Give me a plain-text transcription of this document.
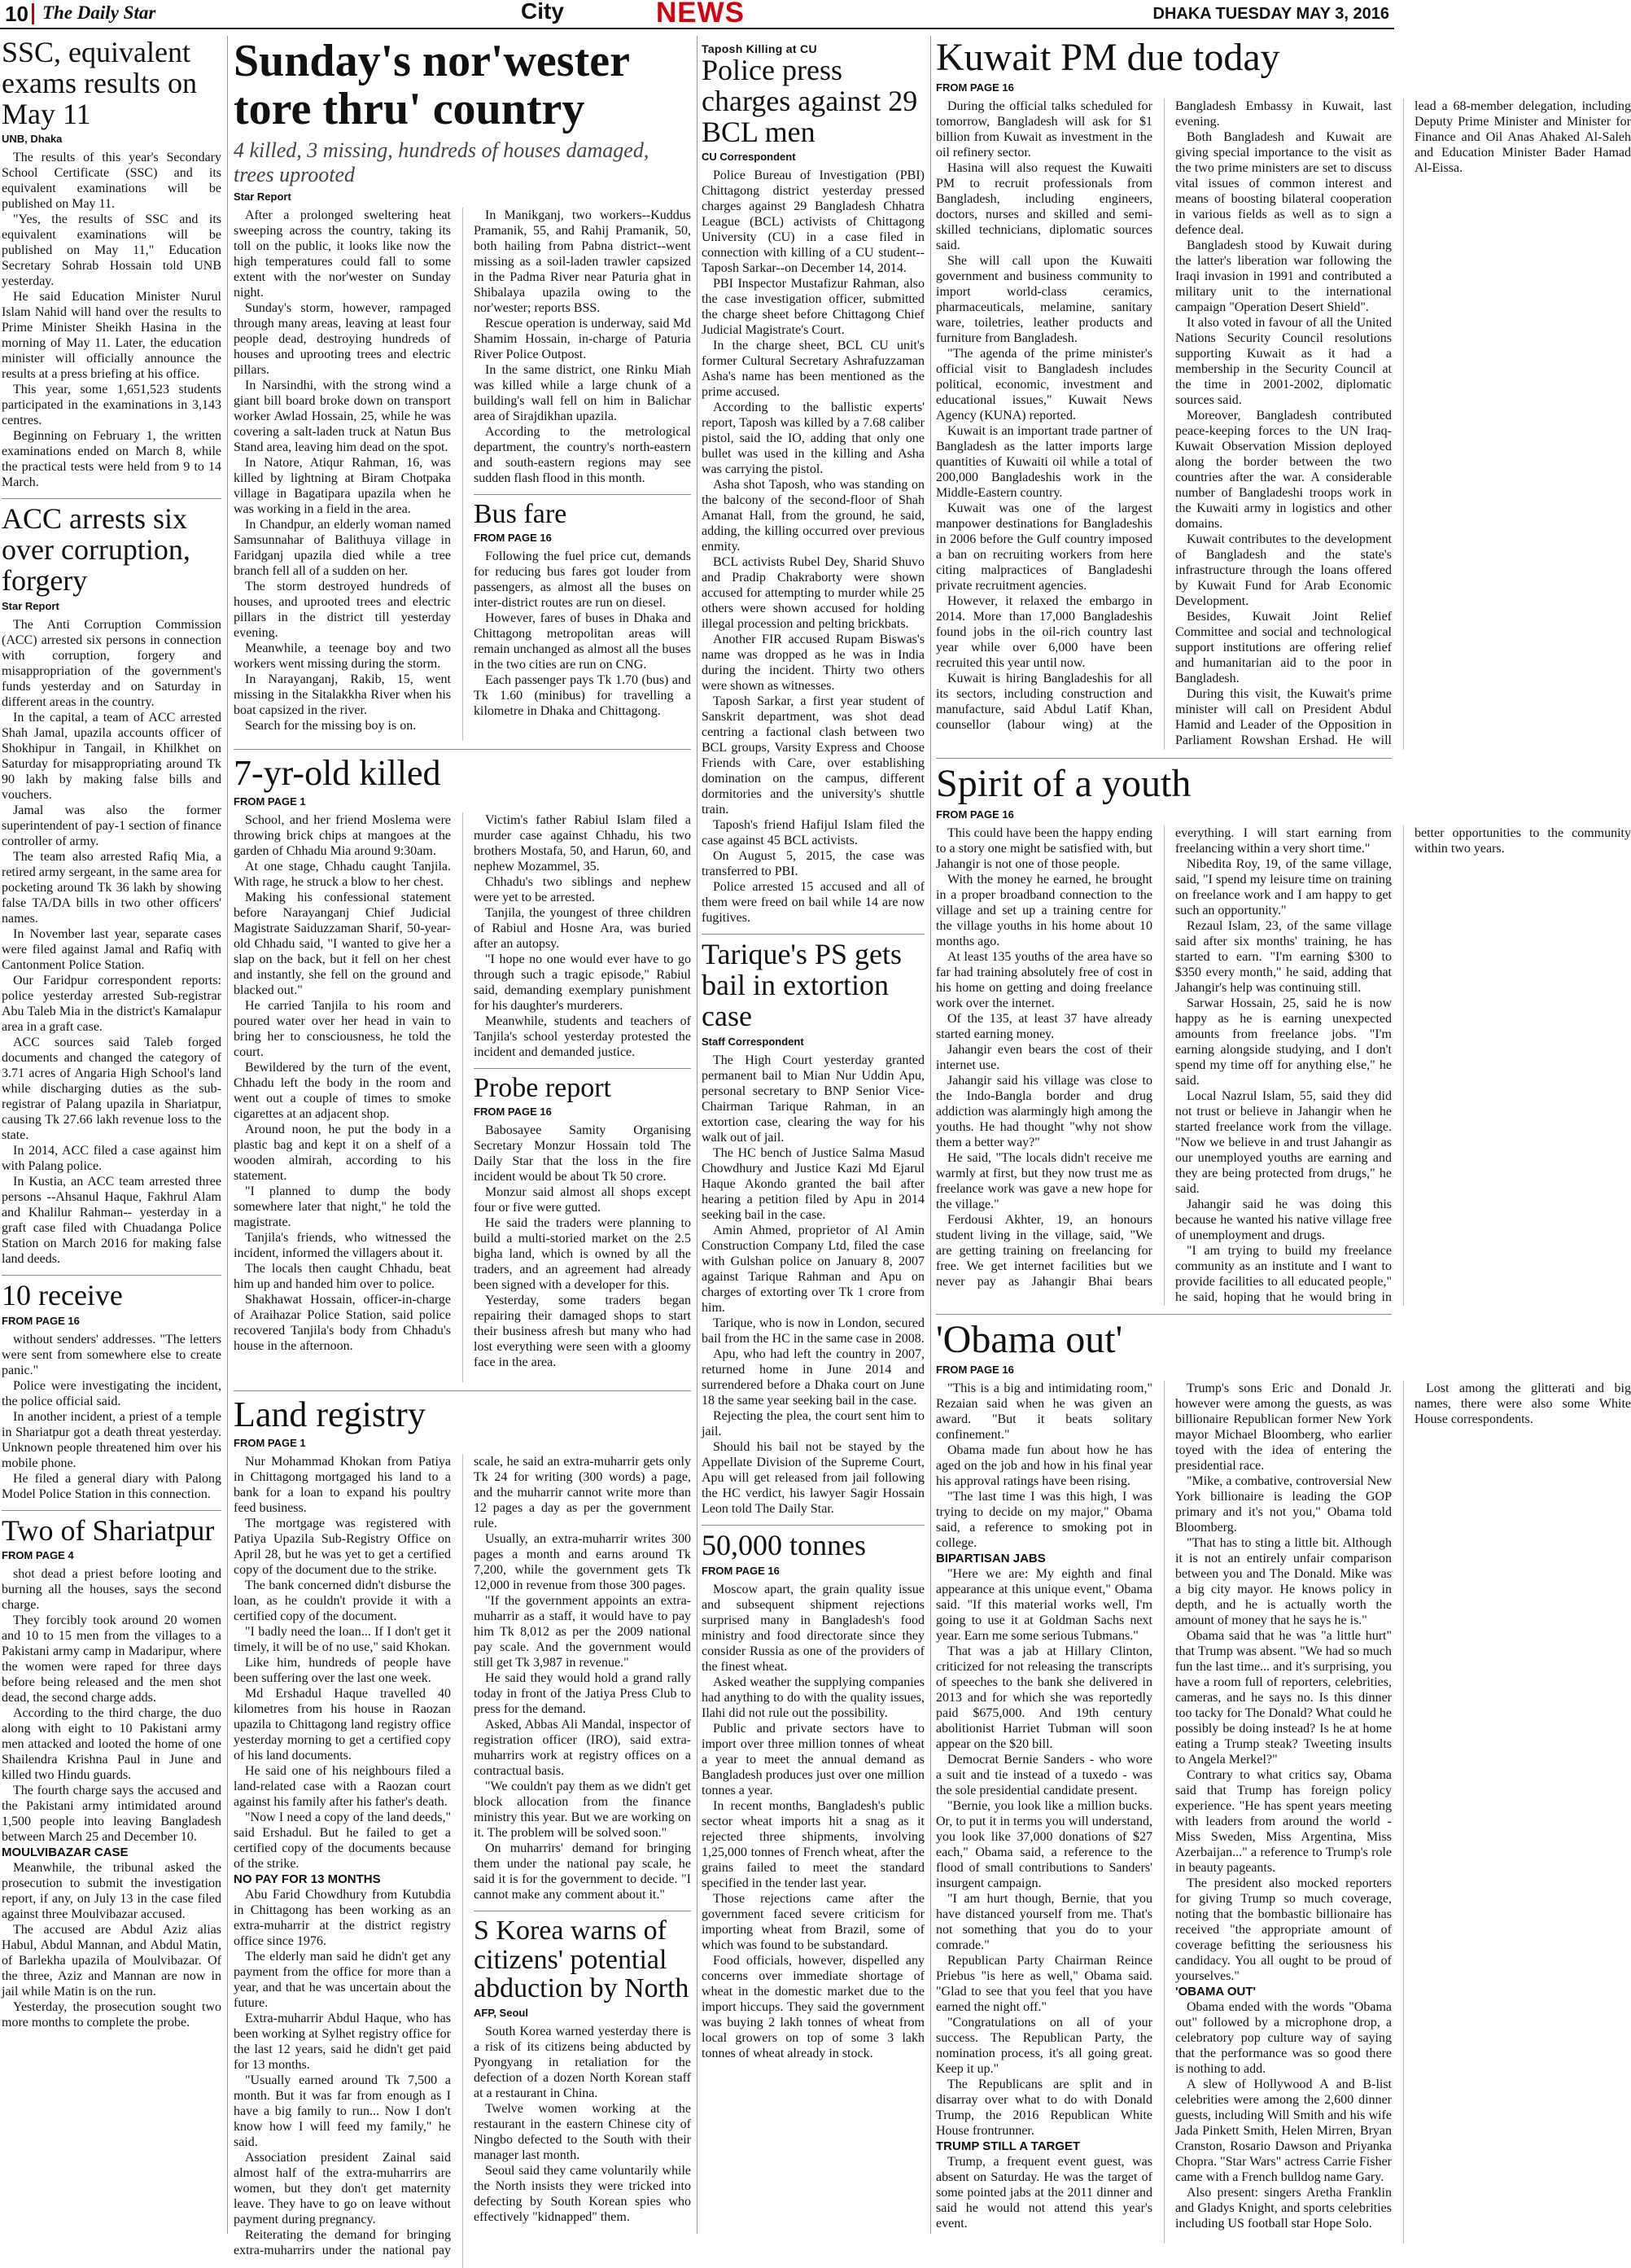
10 The Daily Star	City	NEWS	DHAKA TUESDAY MAY 3, 2016
SSC, equivalent exams results on May 11
UNB, Dhaka

The results of this year's Secondary School Certificate (SSC) and its equivalent examinations will be published on May 11.

"Yes, the results of SSC and its equivalent examinations will be published on May 11," Education Secretary Sohrab Hossain told UNB yesterday.

He said Education Minister Nurul Islam Nahid will hand over the results to Prime Minister Sheikh Hasina in the morning of May 11. Later, the education minister will officially announce the results at a press briefing at his office.

This year, some 1,651,523 students participated in the examinations in 3,143 centres.

Beginning on February 1, the written examinations ended on March 8, while the practical tests were held from 9 to 14 March.

ACC arrests six over corruption, forgery
Star Report

The Anti Corruption Commission (ACC) arrested six persons in connection with corruption, forgery and misappropriation of the government's funds yesterday and on Saturday in different areas in the country.

In the capital, a team of ACC arrested Shah Jamal, upazila accounts officer of Shokhipur in Tangail, in Khilkhet on Saturday for misappropriating around Tk 90 lakh by making false bills and vouchers.

Jamal was also the former superintendent of pay-1 section of finance controller of army.

The team also arrested Rafiq Mia, a retired army sergeant, in the same area for pocketing around Tk 36 lakh by showing false TA/DA bills in two other officers' names.

In November last year, separate cases were filed against Jamal and Rafiq with Cantonment Police Station.

Our Faridpur correspondent reports: police yesterday arrested Sub-registrar Abu Taleb Mia in the district's Kamalapur area in a graft case.

ACC sources said Taleb forged documents and changed the category of 3.71 acres of Angaria High School's land while discharging duties as the sub-registrar of Palang upazila in Shariatpur, causing Tk 27.66 lakh revenue loss to the state.

In 2014, ACC filed a case against him with Palang police.

In Kustia, an ACC team arrested three persons --Ahsanul Haque, Fakhrul Alam and Khalilur Rahman-- yesterday in a graft case filed with Chuadanga Police Station on March 2016 for making false land deeds.

10 receive
FROM PAGE 16

without senders' addresses. "The letters were sent from somewhere else to create panic."

Police were investigating the incident, the police official said.

In another incident, a priest of a temple in Shariatpur got a death threat yesterday. Unknown people threatened him over his mobile phone.

He filed a general diary with Palong Model Police Station in this connection.

Two of Shariatpur
FROM PAGE 4

shot dead a priest before looting and burning all the houses, says the second charge.

They forcibly took around 20 women and 10 to 15 men from the villages to a Pakistani army camp in Madaripur, where the women were raped for three days before being released and the men shot dead, the second charge adds.

According to the third charge, the duo along with eight to 10 Pakistani army men attacked and looted the home of one Shailendra Krishna Paul in June and killed two Hindu guards.

The fourth charge says the accused and the Pakistani army intimidated around 1,500 people into leaving Bangladesh between March 25 and December 10.

MOULVIBAZAR CASE

Meanwhile, the tribunal asked the prosecution to submit the investigation report, if any, on July 13 in the case filed against three Moulvibazar accused.

The accused are Abdul Aziz alias Habul, Abdul Mannan, and Abdul Matin, of Barlekha upazila of Moulvibazar. Of the three, Aziz and Mannan are now in jail while Matin is on the run.

Yesterday, the prosecution sought two more months to complete the probe.

Sunday's nor'wester tore thru' country
4 killed, 3 missing, hundreds of houses damaged, trees uprooted
Star Report

After a prolonged sweltering heat sweeping across the country, taking its toll on the public, it looks like now the high temperatures could fall to some extent with the nor'wester on Sunday night.

Sunday's storm, however, rampaged through many areas, leaving at least four people dead, destroying hundreds of houses and uprooting trees and electric pillars.

In Narsindhi, with the strong wind a giant bill board broke down on transport worker Awlad Hossain, 25, while he was covering a salt-laden truck at Natun Bus Stand area, leaving him dead on the spot.

In Natore, Atiqur Rahman, 16, was killed by lightning at Biram Chotpaka village in Bagatipara upazila when he was working in a field in the area.

In Chandpur, an elderly woman named Samsunnahar of Balithuya village in Faridganj upazila died while a tree branch fell all of a sudden on her.

The storm destroyed hundreds of houses, and uprooted trees and electric pillars in the district till yesterday evening.

Meanwhile, a teenage boy and two workers went missing during the storm.

In Narayanganj, Rakib, 15, went missing in the Sitalakkha River when his boat capsized in the river.

Search for the missing boy is on.

In Manikganj, two workers--Kuddus Pramanik, 55, and Rahij Pramanik, 50, both hailing from Pabna district--went missing as a soil-laden trawler capsized in the Padma River near Paturia ghat in Shibalaya upazila owing to the nor'wester; reports BSS.

Rescue operation is underway, said Md Shamim Hossain, in-charge of Paturia River Police Outpost.

In the same district, one Rinku Miah was killed while a large chunk of a building's wall fell on him in Balichar area of Sirajdikhan upazila.

According to the metrological department, the country's north-eastern and south-eastern regions may see sudden flash flood in this month.

Bus fare
FROM PAGE 16

Following the fuel price cut, demands for reducing bus fares got louder from passengers, as almost all the buses on inter-district routes are run on diesel.

However, fares of buses in Dhaka and Chittagong metropolitan areas will remain unchanged as almost all the buses in the two cities are run on CNG.

Each passenger pays Tk 1.70 (bus) and Tk 1.60 (minibus) for travelling a kilometre in Dhaka and Chittagong.

7-yr-old killed
FROM PAGE 1

School, and her friend Moslema were throwing brick chips at mangoes at the garden of Chhadu Mia around 9:30am.

At one stage, Chhadu caught Tanjila. With rage, he struck a blow to her chest.

Making his confessional statement before Narayanganj Chief Judicial Magistrate Saiduzzaman Sharif, 50-year-old Chhadu said, "I wanted to give her a slap on the back, but it fell on her chest and instantly, she fell on the ground and blacked out."

He carried Tanjila to his room and poured water over her head in vain to bring her to consciousness, he told the court.

Bewildered by the turn of the event, Chhadu left the body in the room and went out a couple of times to smoke cigarettes at an adjacent shop.

Around noon, he put the body in a plastic bag and kept it on a shelf of a wooden almirah, according to his statement.

"I planned to dump the body somewhere later that night," he told the magistrate.

Tanjila's friends, who witnessed the incident, informed the villagers about it.

The locals then caught Chhadu, beat him up and handed him over to police.

Shakhawat Hossain, officer-in-charge of Araihazar Police Station, said police recovered Tanjila's body from Chhadu's house in the afternoon.

Victim's father Rabiul Islam filed a murder case against Chhadu, his two brothers Mostafa, 50, and Harun, 60, and nephew Mozammel, 35.

Chhadu's two siblings and nephew were yet to be arrested.

Tanjila, the youngest of three children of Rabiul and Hosne Ara, was buried after an autopsy.

"I hope no one would ever have to go through such a tragic episode," Rabiul said, demanding exemplary punishment for his daughter's murderers.

Meanwhile, students and teachers of Tanjila's school yesterday protested the incident and demanded justice.

Probe report
FROM PAGE 16

Babosayee Samity Organising Secretary Monzur Hossain told The Daily Star that the loss in the fire incident would be about Tk 50 crore.

Monzur said almost all shops except four or five were gutted.

He said the traders were planning to build a multi-storied market on the 2.5 bigha land, which is owned by all the traders, and an agreement had already been signed with a developer for this.

Yesterday, some traders began repairing their damaged shops to start their business afresh but many who had lost everything were seen with a gloomy face in the area.

Land registry
FROM PAGE 1

Nur Mohammad Khokan from Patiya in Chittagong mortgaged his land to a bank for a loan to expand his poultry feed business.

The mortgage was registered with Patiya Upazila Sub-Registry Office on April 28, but he was yet to get a certified copy of the document due to the strike.

The bank concerned didn't disburse the loan, as he couldn't provide it with a certified copy of the document.

"I badly need the loan... If I don't get it timely, it will be of no use," said Khokan.

Like him, hundreds of people have been suffering over the last one week.

Md Ershadul Haque travelled 40 kilometres from his house in Raozan upazila to Chittagong land registry office yesterday morning to get a certified copy of his land documents.

He said one of his neighbours filed a land-related case with a Raozan court against his family after his father's death.

"Now I need a copy of the land deeds," said Ershadul. But he failed to get a certified copy of the documents because of the strike.

NO PAY FOR 13 MONTHS

Abu Farid Chowdhury from Kutubdia in Chittagong has been working as an extra-muharrir at the district registry office since 1976.

The elderly man said he didn't get any payment from the office for more than a year, and that he was uncertain about the future.

Extra-muharrir Abdul Haque, who has been working at Sylhet registry office for the last 12 years, said he didn't get paid for 13 months.

"Usually earned around Tk 7,500 a month. But it was far from enough as I have a big family to run... Now I don't know how I will feed my family," he said.

Association president Zainal said almost half of the extra-muharrirs are women, but they don't get maternity leave. They have to go on leave without payment during pregnancy.

Reiterating the demand for bringing extra-muharrirs under the national pay scale, he said an extra-muharrir gets only Tk 24 for writing (300 words) a page, and the muharrir cannot write more than 12 pages a day as per the government rule.

Usually, an extra-muharrir writes 300 pages a month and earns around Tk 7,200, while the government gets Tk 12,000 in revenue from those 300 pages.

"If the government appoints an extra-muharrir as a staff, it would have to pay him Tk 8,012 as per the 2009 national pay scale. And the government would still get Tk 3,987 in revenue."

He said they would hold a grand rally today in front of the Jatiya Press Club to press for the demand.

Asked, Abbas Ali Mandal, inspector of registration officer (IRO), said extra-muharrirs work at registry offices on a contractual basis.

"We couldn't pay them as we didn't get block allocation from the finance ministry this year. But we are working on it. The problem will be solved soon."

On muharrirs' demand for bringing them under the national pay scale, he said it is for the government to decide. "I cannot make any comment about it."

S Korea warns of citizens' potential abduction by North
AFP, Seoul

South Korea warned yesterday there is a risk of its citizens being abducted by Pyongyang in retaliation for the defection of a dozen North Korean staff at a restaurant in China.

Twelve women working at the restaurant in the eastern Chinese city of Ningbo defected to the South with their manager last month.

Seoul said they came voluntarily while the North insists they were tricked into defecting by South Korean spies who effectively "kidnapped" them.

Taposh Killing at CU
Police press charges against 29 BCL men
CU Correspondent

Police Bureau of Investigation (PBI) Chittagong district yesterday pressed charges against 29 Bangladesh Chhatra League (BCL) activists of Chittagong University (CU) in a case filed in connection with killing of a CU student--Taposh Sarkar--on December 14, 2014.

PBI Inspector Mustafizur Rahman, also the case investigation officer, submitted the charge sheet before Chittagong Chief Judicial Magistrate's Court.

In the charge sheet, BCL CU unit's former Cultural Secretary Ashrafuzzaman Asha's name has been mentioned as the prime accused.

According to the ballistic experts' report, Taposh was killed by a 7.68 caliber pistol, said the IO, adding that only one bullet was used in the killing and Asha was carrying the pistol.

Asha shot Taposh, who was standing on the balcony of the second-floor of Shah Amanat Hall, from the ground, he said, adding, the killing occurred over previous enmity.

BCL activists Rubel Dey, Sharid Shuvo and Pradip Chakraborty were shown accused for attempting to murder while 25 others were shown accused for holding illegal procession and pelting brickbats.

Another FIR accused Rupam Biswas's name was dropped as he was in India during the incident. Thirty two others were shown as witnesses.

Taposh Sarkar, a first year student of Sanskrit department, was shot dead centring a factional clash between two BCL groups, Varsity Express and Choose Friends with Care, over establishing domination on the campus, different dormitories and the university's shuttle train.

Taposh's friend Hafijul Islam filed the case against 45 BCL activists.

On August 5, 2015, the case was transferred to PBI.

Police arrested 15 accused and all of them were freed on bail while 14 are now fugitives.

Tarique's PS gets bail in extortion case
Staff Correspondent

The High Court yesterday granted permanent bail to Mian Nur Uddin Apu, personal secretary to BNP Senior Vice-Chairman Tarique Rahman, in an extortion case, clearing the way for his walk out of jail.

The HC bench of Justice Salma Masud Chowdhury and Justice Kazi Md Ejarul Haque Akondo granted the bail after hearing a petition filed by Apu in 2014 seeking bail in the case.

Amin Ahmed, proprietor of Al Amin Construction Company Ltd, filed the case with Gulshan police on January 8, 2007 against Tarique Rahman and Apu on charges of extorting over Tk 1 crore from him.

Tarique, who is now in London, secured bail from the HC in the same case in 2008.

Apu, who had left the country in 2007, returned home in June 2014 and surrendered before a Dhaka court on June 18 the same year seeking bail in the case.

Rejecting the plea, the court sent him to jail.

Should his bail not be stayed by the Appellate Division of the Supreme Court, Apu will get released from jail following the HC verdict, his lawyer Sagir Hossain Leon told The Daily Star.

50,000 tonnes
FROM PAGE 16

Moscow apart, the grain quality issue and subsequent shipment rejections surprised many in Bangladesh's food ministry and food directorate since they consider Russia as one of the providers of the finest wheat.

Asked weather the supplying companies had anything to do with the quality issues, Ilahi did not rule out the possibility.

Public and private sectors have to import over three million tonnes of wheat a year to meet the annual demand as Bangladesh produces just over one million tonnes a year.

In recent months, Bangladesh's public sector wheat imports hit a snag as it rejected three shipments, involving 1,25,000 tonnes of French wheat, after the grains failed to meet the standard specified in the tender last year.

Those rejections came after the government faced severe criticism for importing wheat from Brazil, some of which was found to be substandard.

Food officials, however, dispelled any concerns over immediate shortage of wheat in the domestic market due to the import hiccups. They said the government was buying 2 lakh tonnes of wheat from local growers on top of some 3 lakh tonnes of wheat already in stock.

Kuwait PM due today
FROM PAGE 16

During the official talks scheduled for tomorrow, Bangladesh will ask for $1 billion from Kuwait as investment in the oil refinery sector.

Hasina will also request the Kuwaiti PM to recruit professionals from Bangladesh, including engineers, doctors, nurses and skilled and semi-skilled technicians, diplomatic sources said.

She will call upon the Kuwaiti government and business community to import world-class ceramics, pharmaceuticals, melamine, sanitary ware, toiletries, leather products and furniture from Bangladesh.

"The agenda of the prime minister's official visit to Bangladesh includes political, economic, investment and educational issues," Kuwait News Agency (KUNA) reported.

Kuwait is an important trade partner of Bangladesh as the latter imports large quantities of Kuwaiti oil while a total of 200,000 Bangladeshis work in the Middle-Eastern country.

Kuwait was one of the largest manpower destinations for Bangladeshis in 2006 before the Gulf country imposed a ban on recruiting workers from here citing malpractices of Bangladeshi private recruitment agencies.

However, it relaxed the embargo in 2014. More than 17,000 Bangladeshis found jobs in the oil-rich country last year while over 6,000 have been recruited this year until now.

Kuwait is hiring Bangladeshis for all its sectors, including construction and manufacture, said Abdul Latif Khan, counsellor (labour wing) at the Bangladesh Embassy in Kuwait, last evening.

Both Bangladesh and Kuwait are giving special importance to the visit as the two prime ministers are set to discuss vital issues of common interest and means of boosting bilateral cooperation in various fields as well as to sign a defence deal.

Bangladesh stood by Kuwait during the latter's liberation war following the Iraqi invasion in 1991 and contributed a military unit to the international campaign "Operation Desert Shield".

It also voted in favour of all the United Nations Security Council resolutions supporting Kuwait as it had a membership in the Security Council at the time in 2001-2002, diplomatic sources said.

Moreover, Bangladesh contributed peace-keeping forces to the UN Iraq-Kuwait Observation Mission deployed along the border between the two countries after the war. A considerable number of Bangladeshi troops work in the Kuwaiti army in logistics and other domains.

Kuwait contributes to the development of Bangladesh and the state's infrastructure through the loans offered by Kuwait Fund for Arab Economic Development.

Besides, Kuwait Joint Relief Committee and social and technological support institutions are offering relief and humanitarian aid to the poor in Bangladesh.

During this visit, the Kuwait's prime minister will call on President Abdul Hamid and Leader of the Opposition in Parliament Rowshan Ershad. He will lead a 68-member delegation, including Deputy Prime Minister and Minister for Finance and Oil Anas Ahaked Al-Saleh and Education Minister Bader Hamad Al-Eissa.

Spirit of a youth
FROM PAGE 16

This could have been the happy ending to a story one might be satisfied with, but Jahangir is not one of those people.

With the money he earned, he brought in a proper broadband connection to the village and set up a training centre for the village youths in his home about 10 months ago.

At least 135 youths of the area have so far had training absolutely free of cost in his home on getting and doing freelance work over the internet.

Of the 135, at least 37 have already started earning money.

Jahangir even bears the cost of their internet use.

Jahangir said his village was close to the Indo-Bangla border and drug addiction was alarmingly high among the youths. He had thought "why not show them a better way?"

He said, "The locals didn't receive me warmly at first, but they now trust me as freelance work was gave a new hope for the village."

Ferdousi Akhter, 19, an honours student living in the village, said, "We are getting training on freelancing for free. We get internet facilities but we never pay as Jahangir Bhai bears everything. I will start earning from freelancing within a very short time."

Nibedita Roy, 19, of the same village, said, "I spend my leisure time on training on freelance work and I am happy to get such an opportunity."

Rezaul Islam, 23, of the same village said after six months' training, he has started to earn. "I'm earning $300 to $350 every month," he said, adding that Jahangir's help was continuing still.

Sarwar Hossain, 25, said he is now happy as he is earning unexpected amounts from freelance jobs. "I'm earning alongside studying, and I don't spend my time off for anything else," he said.

Local Nazrul Islam, 55, said they did not trust or believe in Jahangir when he started freelance work from the village. "Now we believe in and trust Jahangir as our unemployed youths are earning and they are being protected from drugs," he said.

Jahangir said he was doing this because he wanted his native village free of unemployment and drugs.

"I am trying to build my freelance community as an institute and I want to provide facilities to all educated people," he said, hoping that he would bring in better opportunities to the community within two years.

'Obama out'
FROM PAGE 16

"This is a big and intimidating room," Rezaian said when he was given an award. "But it beats solitary confinement."

Obama made fun about how he has aged on the job and how in his final year his approval ratings have been rising.

"The last time I was this high, I was trying to decide on my major," Obama said, a reference to smoking pot in college.

BIPARTISAN JABS

"Here we are: My eighth and final appearance at this unique event," Obama said. "If this material works well, I'm going to use it at Goldman Sachs next year. Earn me some serious Tubmans."

That was a jab at Hillary Clinton, criticized for not releasing the transcripts of speeches to the bank she delivered in 2013 and for which she was reportedly paid $675,000. And 19th century abolitionist Harriet Tubman will soon appear on the $20 bill.

Democrat Bernie Sanders - who wore a suit and tie instead of a tuxedo - was the sole presidential candidate present.

"Bernie, you look like a million bucks. Or, to put it in terms you will understand, you look like 37,000 donations of $27 each," Obama said, a reference to the flood of small contributions to Sanders' insurgent campaign.

"I am hurt though, Bernie, that you have distanced yourself from me. That's not something that you do to your comrade."

Republican Party Chairman Reince Priebus "is here as well," Obama said. "Glad to see that you feel that you have earned the night off."

"Congratulations on all of your success. The Republican Party, the nomination process, it's all going great. Keep it up."

The Republicans are split and in disarray over what to do with Donald Trump, the 2016 Republican White House frontrunner.

TRUMP STILL A TARGET

Trump, a frequent event guest, was absent on Saturday. He was the target of some pointed jabs at the 2011 dinner and said he would not attend this year's event.

Trump's sons Eric and Donald Jr. however were among the guests, as was billionaire Republican former New York mayor Michael Bloomberg, who earlier toyed with the idea of entering the presidential race.

"Mike, a combative, controversial New York billionaire is leading the GOP primary and it's not you," Obama told Bloomberg.

"That has to sting a little bit. Although it is not an entirely unfair comparison between you and The Donald. Mike was a big city mayor. He knows policy in depth, and he is actually worth the amount of money that he says he is."

Obama said that he was "a little hurt" that Trump was absent. "We had so much fun the last time... and it's surprising, you have a room full of reporters, celebrities, cameras, and he says no. Is this dinner too tacky for The Donald? What could he possibly be doing instead? Is he at home eating a Trump steak? Tweeting insults to Angela Merkel?"

Contrary to what critics say, Obama said that Trump has foreign policy experience. "He has spent years meeting with leaders from around the world - Miss Sweden, Miss Argentina, Miss Azerbaijan..." a reference to Trump's role in beauty pageants.

The president also mocked reporters for giving Trump so much coverage, noting that the bombastic billionaire has received "the appropriate amount of coverage befitting the seriousness his candidacy. You all ought to be proud of yourselves."

'OBAMA OUT'

Obama ended with the words "Obama out" followed by a microphone drop, a celebratory pop culture way of saying that the performance was so good there is nothing to add.

A slew of Hollywood A and B-list celebrities were among the 2,600 dinner guests, including Will Smith and his wife Jada Pinkett Smith, Helen Mirren, Bryan Cranston, Rosario Dawson and Priyanka Chopra. "Star Wars" actress Carrie Fisher came with a French bulldog name Gary.

Also present: singers Aretha Franklin and Gladys Knight, and sports celebrities including US football star Hope Solo.

Lost among the glitterati and big names, there were also some White House correspondents.
